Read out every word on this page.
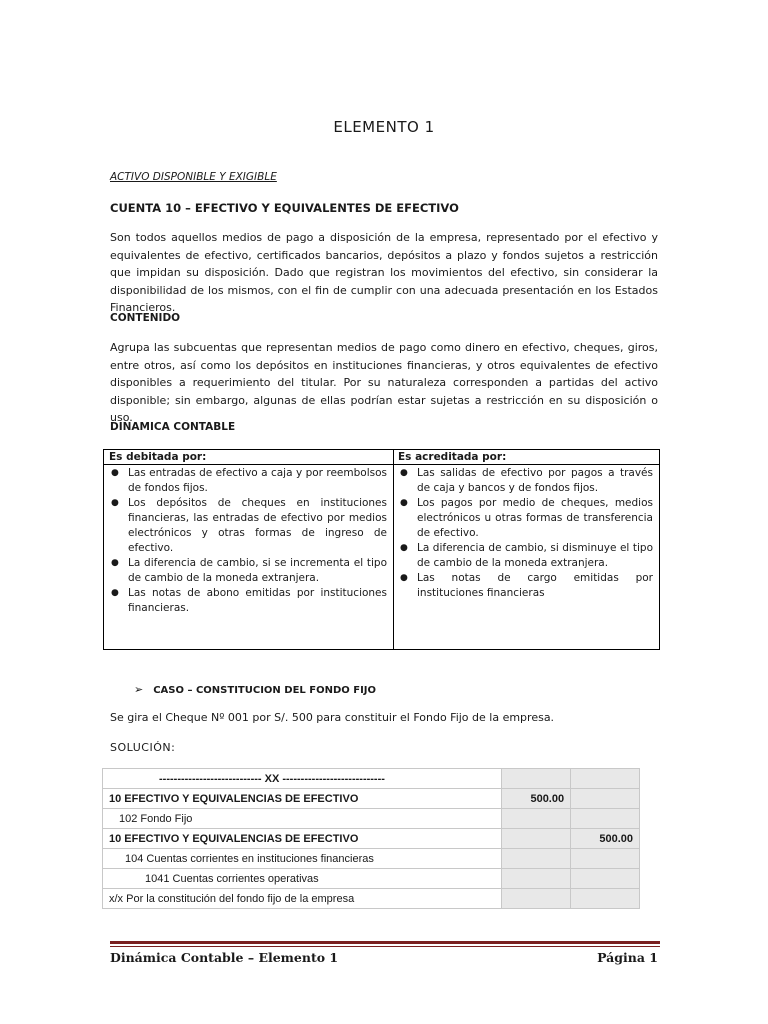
ELEMENTO 1
ACTIVO DISPONIBLE Y EXIGIBLE
CUENTA 10 – EFECTIVO Y EQUIVALENTES DE EFECTIVO
Son todos aquellos medios de pago a disposición de la empresa, representado por el efectivo y equivalentes de efectivo, certificados bancarios, depósitos a plazo y fondos sujetos a restricción que impidan su disposición. Dado que registran los movimientos del efectivo, sin considerar la disponibilidad de los mismos, con el fin de cumplir con una adecuada presentación en los Estados Financieros.
CONTENIDO
Agrupa las subcuentas que representan medios de pago como dinero en efectivo, cheques, giros, entre otros, así como los depósitos en instituciones financieras, y otros equivalentes de efectivo disponibles a requerimiento del titular. Por su naturaleza corresponden a partidas del activo disponible; sin embargo, algunas de ellas podrían estar sujetas a restricción en su disposición o uso.
DINAMICA CONTABLE
Es debitada por:
● Las entradas de efectivo a caja y por reembolsos de fondos fijos.
● Los depósitos de cheques en instituciones financieras, las entradas de efectivo por medios electrónicos y otras formas de ingreso de efectivo.
● La diferencia de cambio, si se incrementa el tipo de cambio de la moneda extranjera.
● Las notas de abono emitidas por instituciones financieras.
Es acreditada por:
● Las salidas de efectivo por pagos a través de caja y bancos y de fondos fijos.
● Los pagos por medio de cheques, medios electrónicos u otras formas de transferencia de efectivo.
● La diferencia de cambio, si disminuye el tipo de cambio de la moneda extranjera.
● Las notas de cargo emitidas por instituciones financieras
➢ CASO – CONSTITUCION DEL FONDO FIJO
Se gira el Cheque Nº 001 por S/. 500 para constituir el Fondo Fijo de la empresa.
SOLUCIÓN:
---------------------------- XX ----------------------------		
10 EFECTIVO Y EQUIVALENCIAS DE EFECTIVO	500.00	
102 Fondo Fijo		
10 EFECTIVO Y EQUIVALENCIAS DE EFECTIVO		500.00
104 Cuentas corrientes en instituciones financieras		
1041 Cuentas corrientes operativas		
x/x Por la constitución del fondo fijo de la empresa		
Dinámica Contable – Elemento 1	Página 1
